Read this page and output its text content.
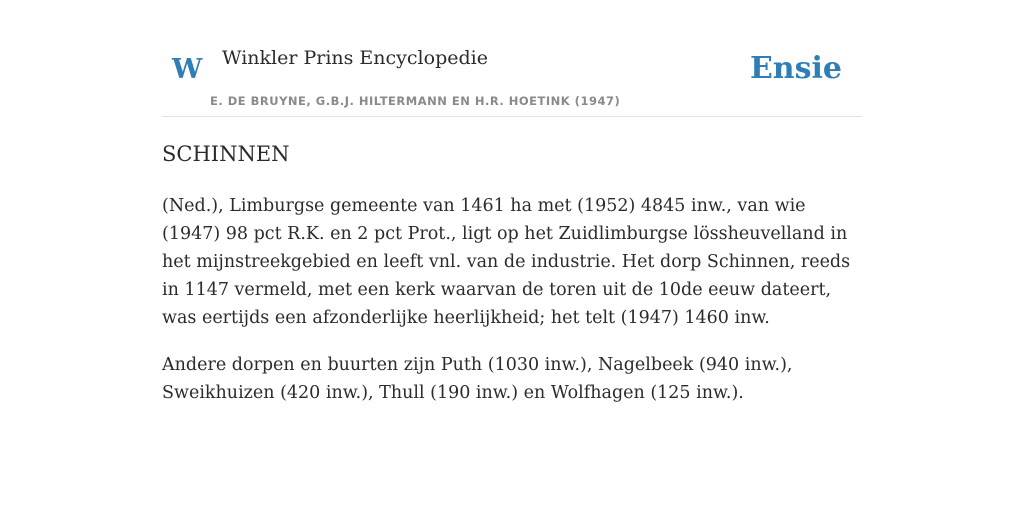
W Winkler Prins Encyclopedie
E. DE BRUYNE, G.B.J. HILTERMANN EN H.R. HOETINK (1947)
Ensie
SCHINNEN

(Ned.), Limburgse gemeente van 1461 ha met (1952) 4845 inw., van wie (1947) 98 pct R.K. en 2 pct Prot., ligt op het Zuidlimburgse lössheuvelland in het mijnstreekgebied en leeft vnl. van de industrie. Het dorp Schinnen, reeds in 1147 vermeld, met een kerk waarvan de toren uit de 10de eeuw dateert, was eertijds een afzonderlijke heerlijkheid; het telt (1947) 1460 inw.

Andere dorpen en buurten zijn Puth (1030 inw.), Nagelbeek (940 inw.), Sweikhuizen (420 inw.), Thull (190 inw.) en Wolfhagen (125 inw.).
